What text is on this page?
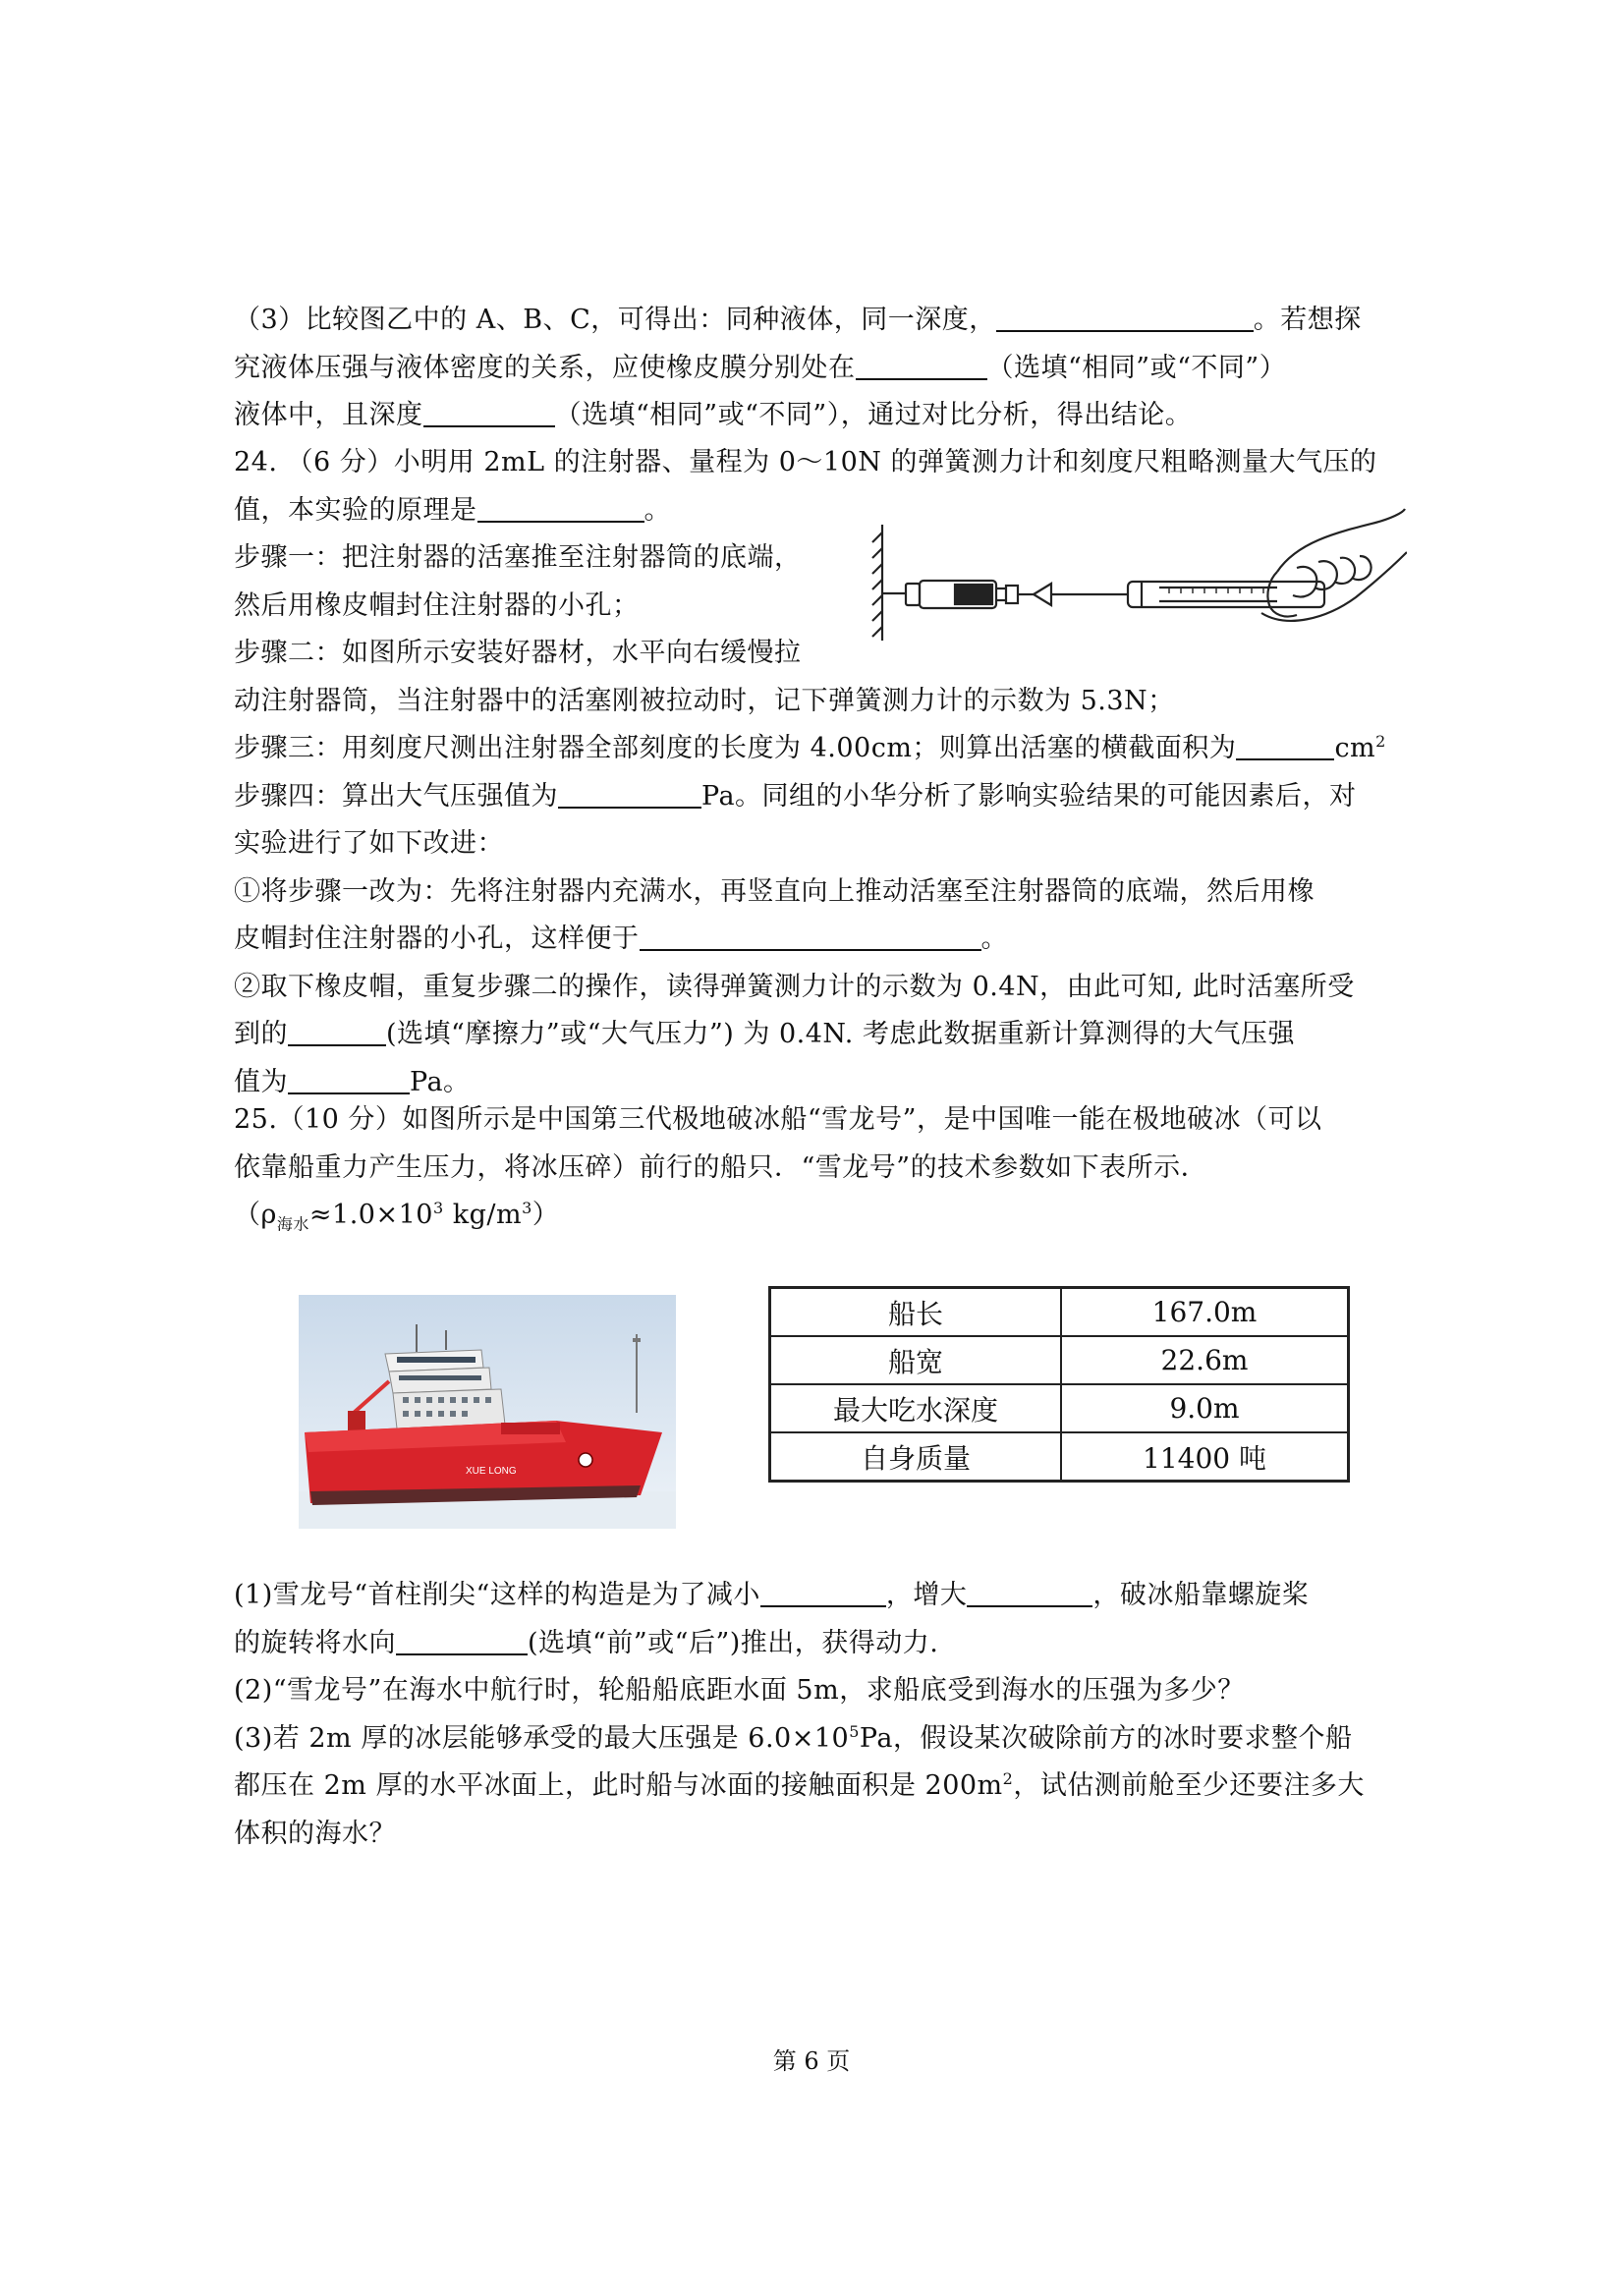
（3）比较图乙中的 A、B、C，可得出：同种液体，同一深度，	。若想探
究液体压强与液体密度的关系，应使橡皮膜分别处在	（选填“相同”或“不同”）
液体中，且深度	（选填“相同”或“不同”），通过对比分析，得出结论。
24. （6 分）小明用 2mL 的注射器、量程为 0～10N 的弹簧测力计和刻度尺粗略测量大气压的
值，本实验的原理是	。
步骤一：把注射器的活塞推至注射器筒的底端，
然后用橡皮帽封住注射器的小孔；
步骤二：如图所示安装好器材，水平向右缓慢拉
动注射器筒，当注射器中的活塞刚被拉动时，记下弹簧测力计的示数为 5.3N；
步骤三：用刻度尺测出注射器全部刻度的长度为 4.00cm；则算出活塞的横截面积为	$cm^2$
步骤四：算出大气压强值为	Pa。同组的小华分析了影响实验结果的可能因素后，对
实验进行了如下改进：
①将步骤一改为：先将注射器内充满水，再竖直向上推动活塞至注射器筒的底端，然后用橡
皮帽封住注射器的小孔，这样便于	。
②取下橡皮帽，重复步骤二的操作，读得弹簧测力计的示数为 0.4N，由此可知, 此时活塞所受
到的	(选填“摩擦力”或“大气压力”) 为 0.4N. 考虑此数据重新计算测得的大气压强
值为	Pa。
25.（10 分）如图所示是中国第三代极地破冰船“雪龙号”，是中国唯一能在极地破冰（可以
依靠船重力产生压力，将冰压碎）前行的船只．“雪龙号”的技术参数如下表所示．
（$\rho_{海水}\approx 1.0\times 10^3$ $kg/m^3$）
XUE LONG
船长	167.0m
船宽	22.6m
最大吃水深度	9.0m
自身质量	11400 吨
(1)雪龙号“首柱削尖“这样的构造是为了减小	，增大	，破冰船靠螺旋桨
的旋转将水向	(选填“前”或“后”)推出，获得动力.
(2)“雪龙号”在海水中航行时，轮船船底距水面 5m，求船底受到海水的压强为多少？
(3)若 2m 厚的冰层能够承受的最大压强是 $6.0\times 10^5Pa$，假设某次破除前方的冰时要求整个船
都压在 2m 厚的水平冰面上，此时船与冰面的接触面积是 $200m^2$，试估测前舱至少还要注多大
体积的海水？
第 6 页
